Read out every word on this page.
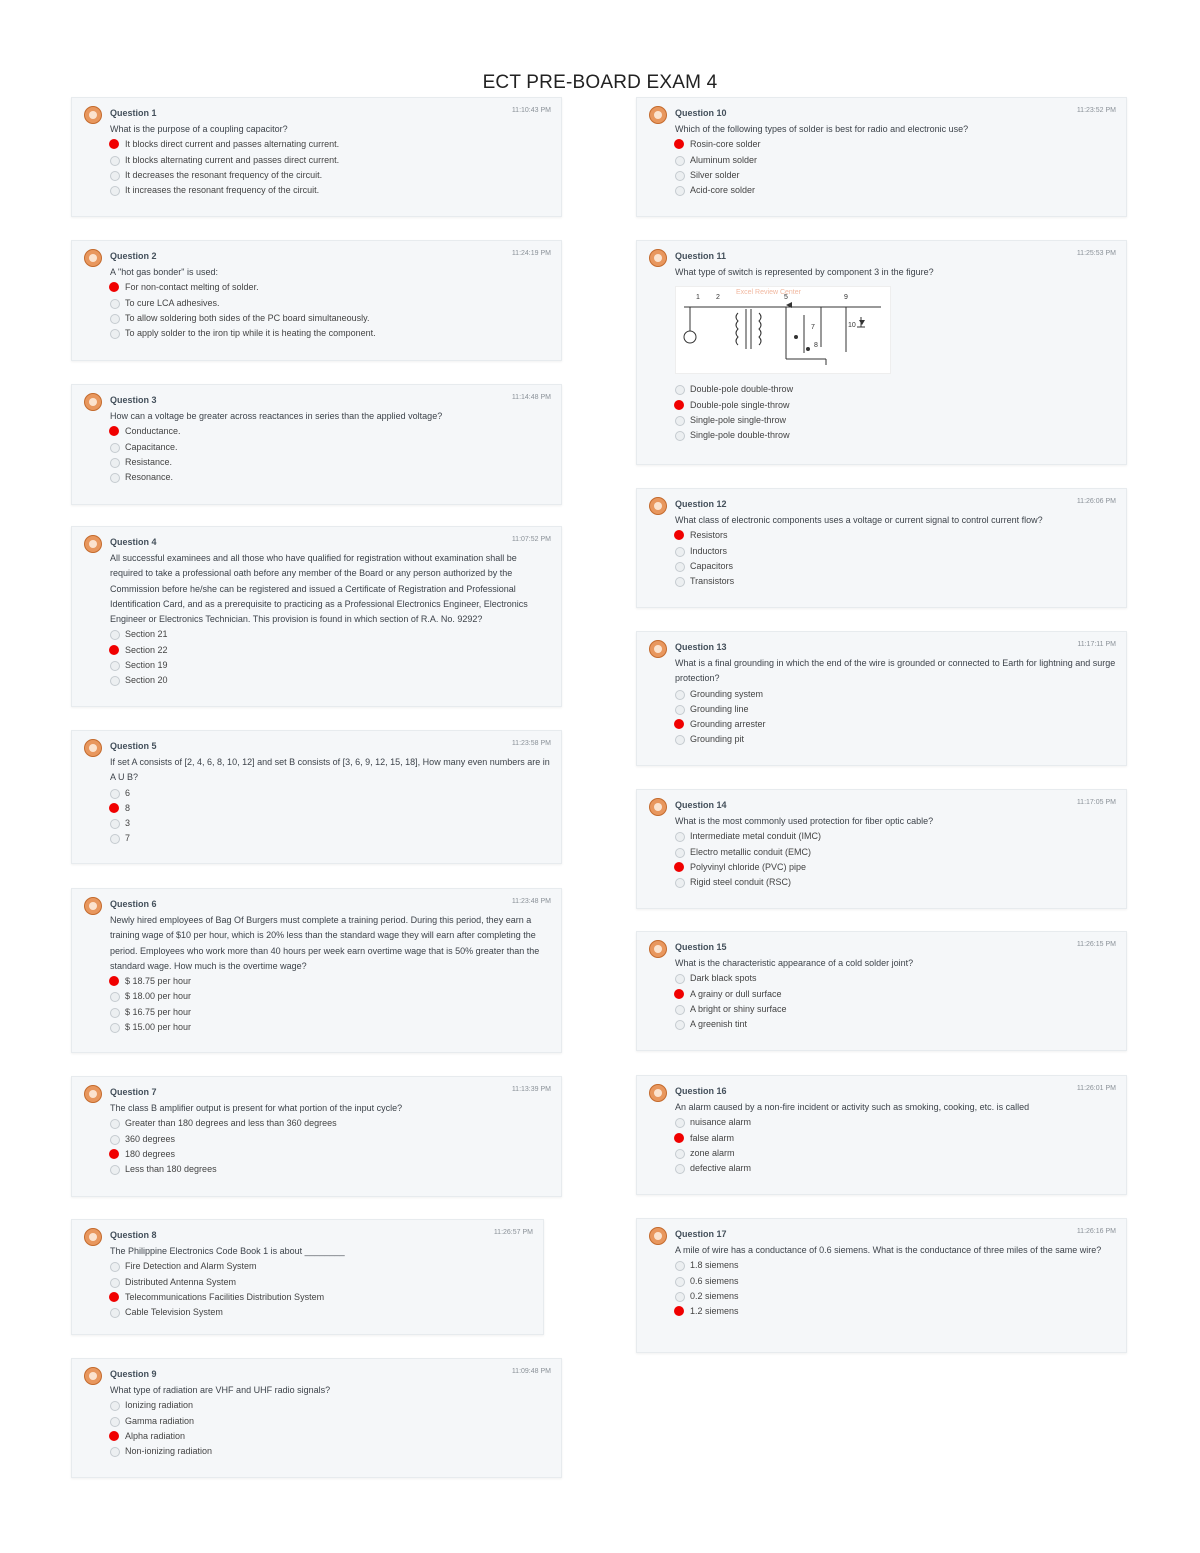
ECT PRE-BOARD EXAM 4
Question 1	11:10:43 PM
What is the purpose of a coupling capacitor?
It blocks direct current and passes alternating current.
It blocks alternating current and passes direct current.
It decreases the resonant frequency of the circuit.
It increases the resonant frequency of the circuit.
Question 2	11:24:19 PM
A "hot gas bonder" is used:
For non-contact melting of solder.
To cure LCA adhesives.
To allow soldering both sides of the PC board simultaneously.
To apply solder to the iron tip while it is heating the component.
Question 3	11:14:48 PM
How can a voltage be greater across reactances in series than the applied voltage?
Conductance.
Capacitance.
Resistance.
Resonance.
Question 4	11:07:52 PM
All successful examinees and all those who have qualified for registration without examination shall be required to take a professional oath before any member of the Board or any person authorized by the Commission before he/she can be registered and issued a Certificate of Registration and Professional Identification Card, and as a prerequisite to practicing as a Professional Electronics Engineer, Electronics Engineer or Electronics Technician. This provision is found in which section of R.A. No. 9292?
Section 21
Section 22
Section 19
Section 20
Question 5	11:23:58 PM
If set A consists of [2, 4, 6, 8, 10, 12] and set B consists of [3, 6, 9, 12, 15, 18], How many even numbers are in A U B?
6
8
3
7
Question 6	11:23:48 PM
Newly hired employees of Bag Of Burgers must complete a training period. During this period, they earn a training wage of $10 per hour, which is 20% less than the standard wage they will earn after completing the period. Employees who work more than 40 hours per week earn overtime wage that is 50% greater than the standard wage. How much is the overtime wage?
$ 18.75 per hour
$ 18.00 per hour
$ 16.75 per hour
$ 15.00 per hour
Question 7	11:13:39 PM
The class B amplifier output is present for what portion of the input cycle?
Greater than 180 degrees and less than 360 degrees
360 degrees
180 degrees
Less than 180 degrees
Question 8	11:26:57 PM
The Philippine Electronics Code Book 1 is about ________
Fire Detection and Alarm System
Distributed Antenna System
Telecommunications Facilities Distribution System
Cable Television System
Question 9	11:09:48 PM
What type of radiation are VHF and UHF radio signals?
Ionizing radiation
Gamma radiation
Alpha radiation
Non-ionizing radiation
Question 10	11:23:52 PM
Which of the following types of solder is best for radio and electronic use?
Rosin-core solder
Aluminum solder
Silver solder
Acid-core solder
Question 11	11:25:53 PM
What type of switch is represented by component 3 in the figure?
Excel Review Center
1 2	5	9
7	10
8
Double-pole double-throw
Double-pole single-throw
Single-pole single-throw
Single-pole double-throw
Question 12	11:26:06 PM
What class of electronic components uses a voltage or current signal to control current flow?
Resistors
Inductors
Capacitors
Transistors
Question 13	11:17:11 PM
What is a final grounding in which the end of the wire is grounded or connected to Earth for lightning and surge protection?
Grounding system
Grounding line
Grounding arrester
Grounding pit
Question 14	11:17:05 PM
What is the most commonly used protection for fiber optic cable?
Intermediate metal conduit (IMC)
Electro metallic conduit (EMC)
Polyvinyl chloride (PVC) pipe
Rigid steel conduit (RSC)
Question 15	11:26:15 PM
What is the characteristic appearance of a cold solder joint?
Dark black spots
A grainy or dull surface
A bright or shiny surface
A greenish tint
Question 16	11:26:01 PM
An alarm caused by a non-fire incident or activity such as smoking, cooking, etc. is called
nuisance alarm
false alarm
zone alarm
defective alarm
Question 17	11:26:16 PM
A mile of wire has a conductance of 0.6 siemens. What is the conductance of three miles of the same wire?
1.8 siemens
0.6 siemens
0.2 siemens
1.2 siemens
